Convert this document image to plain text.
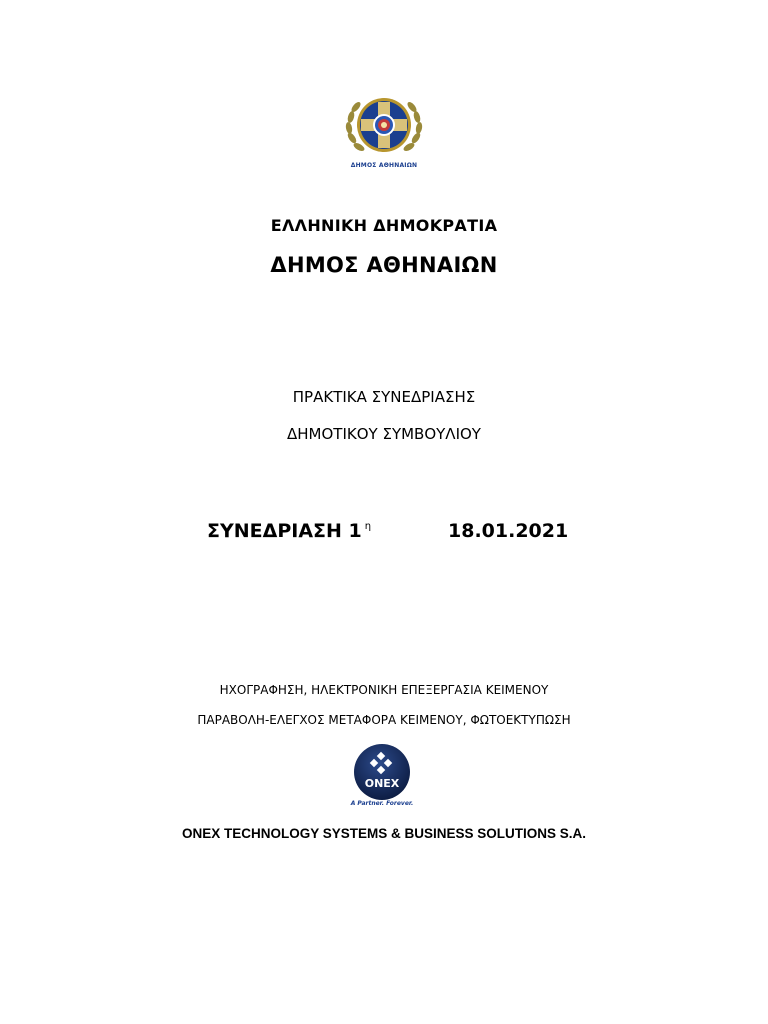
ΔΗΜΟΣ ΑΘΗΝΑΙΩΝ
ΕΛΛΗΝΙΚΗ ΔΗΜΟΚΡΑΤΙΑ
ΔΗΜΟΣ ΑΘΗΝΑΙΩΝ
ΠΡΑΚΤΙΚΑ ΣΥΝΕΔΡΙΑΣΗΣ
ΔΗΜΟΤΙΚΟΥ ΣΥΜΒΟΥΛΙΟΥ
ΣΥΝΕΔΡΙΑΣΗ 1 $^\eta$	18.01.2021
ΗΧΟΓΡΑΦΗΣΗ, ΗΛΕΚΤΡΟΝΙΚΗ ΕΠΕΞΕΡΓΑΣΙΑ ΚΕΙΜΕΝΟΥ
ΠΑΡΑΒΟΛΗ-ΕΛΕΓΧΟΣ ΜΕΤΑΦΟΡΑ ΚΕΙΜΕΝΟΥ, ΦΩΤΟΕΚΤΥΠΩΣΗ
ONEX
A Partner. Forever.
ONEX TECHNOLOGY SYSTEMS & BUSINESS SOLUTIONS S.A.
